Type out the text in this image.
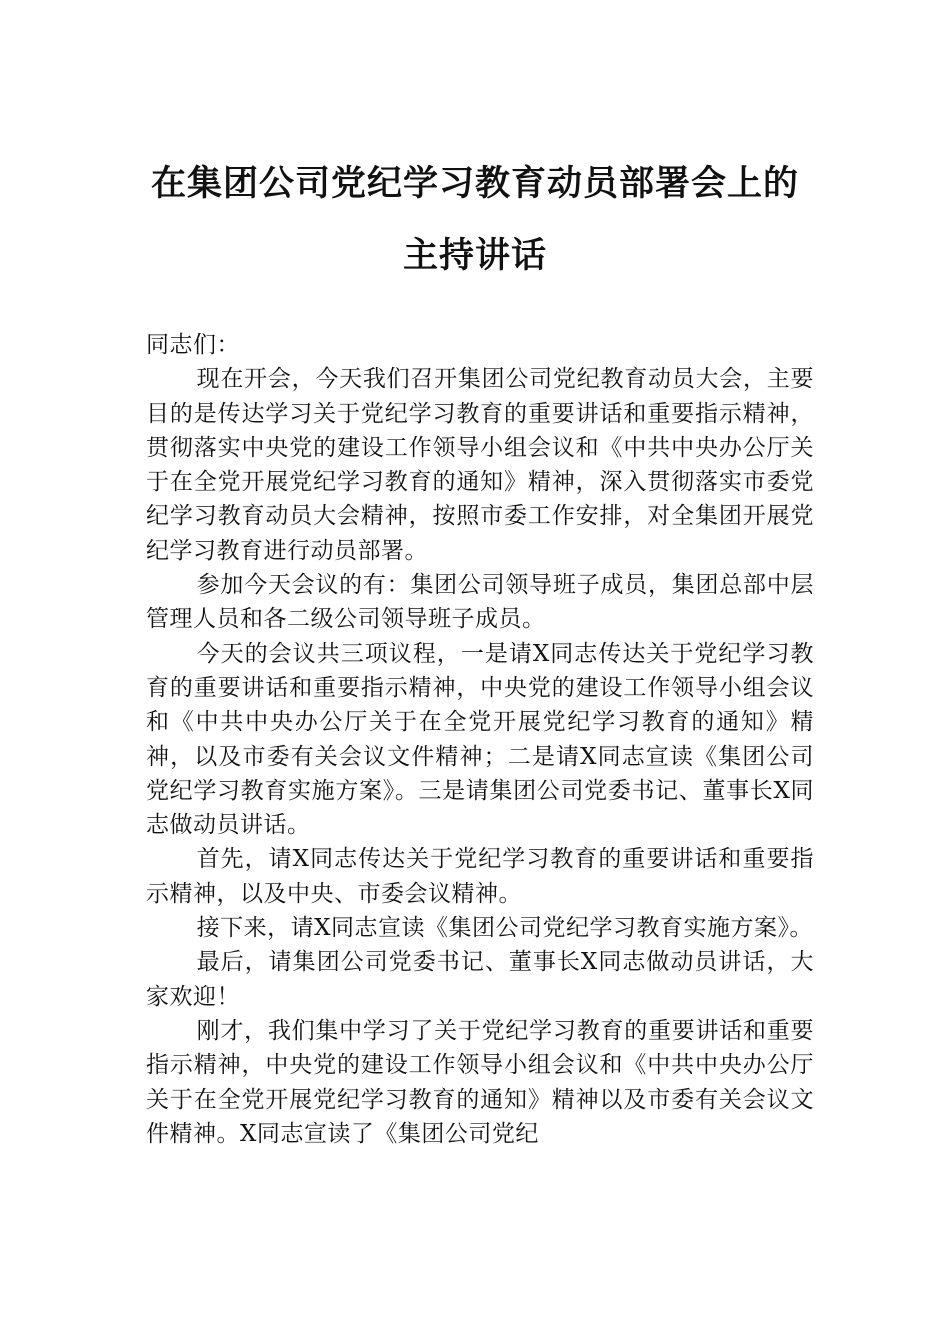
在集团公司党纪学习教育动员部署会上的
主持讲话

同志们：

现在开会，今天我们召开集团公司党纪教育动员大会，主要目的是传达学习关于党纪学习教育的重要讲话和重要指示精神，贯彻落实中央党的建设工作领导小组会议和《中共中央办公厅关于在全党开展党纪学习教育的通知》精神，深入贯彻落实市委党纪学习教育动员大会精神，按照市委工作安排，对全集团开展党纪学习教育进行动员部署。

参加今天会议的有：集团公司领导班子成员，集团总部中层管理人员和各二级公司领导班子成员。

今天的会议共三项议程，一是请X同志传达关于党纪学习教育的重要讲话和重要指示精神，中央党的建设工作领导小组会议和《中共中央办公厅关于在全党开展党纪学习教育的通知》精神，以及市委有关会议文件精神；二是请X同志宣读《集团公司党纪学习教育实施方案》。三是请集团公司党委书记、董事长X同志做动员讲话。

首先，请X同志传达关于党纪学习教育的重要讲话和重要指示精神，以及中央、市委会议精神。

接下来，请X同志宣读《集团公司党纪学习教育实施方案》。

最后，请集团公司党委书记、董事长X同志做动员讲话，大家欢迎！

刚才，我们集中学习了关于党纪学习教育的重要讲话和重要指示精神，中央党的建设工作领导小组会议和《中共中央办公厅关于在全党开展党纪学习教育的通知》精神以及市委有关会议文件精神。X同志宣读了《集团公司党纪
